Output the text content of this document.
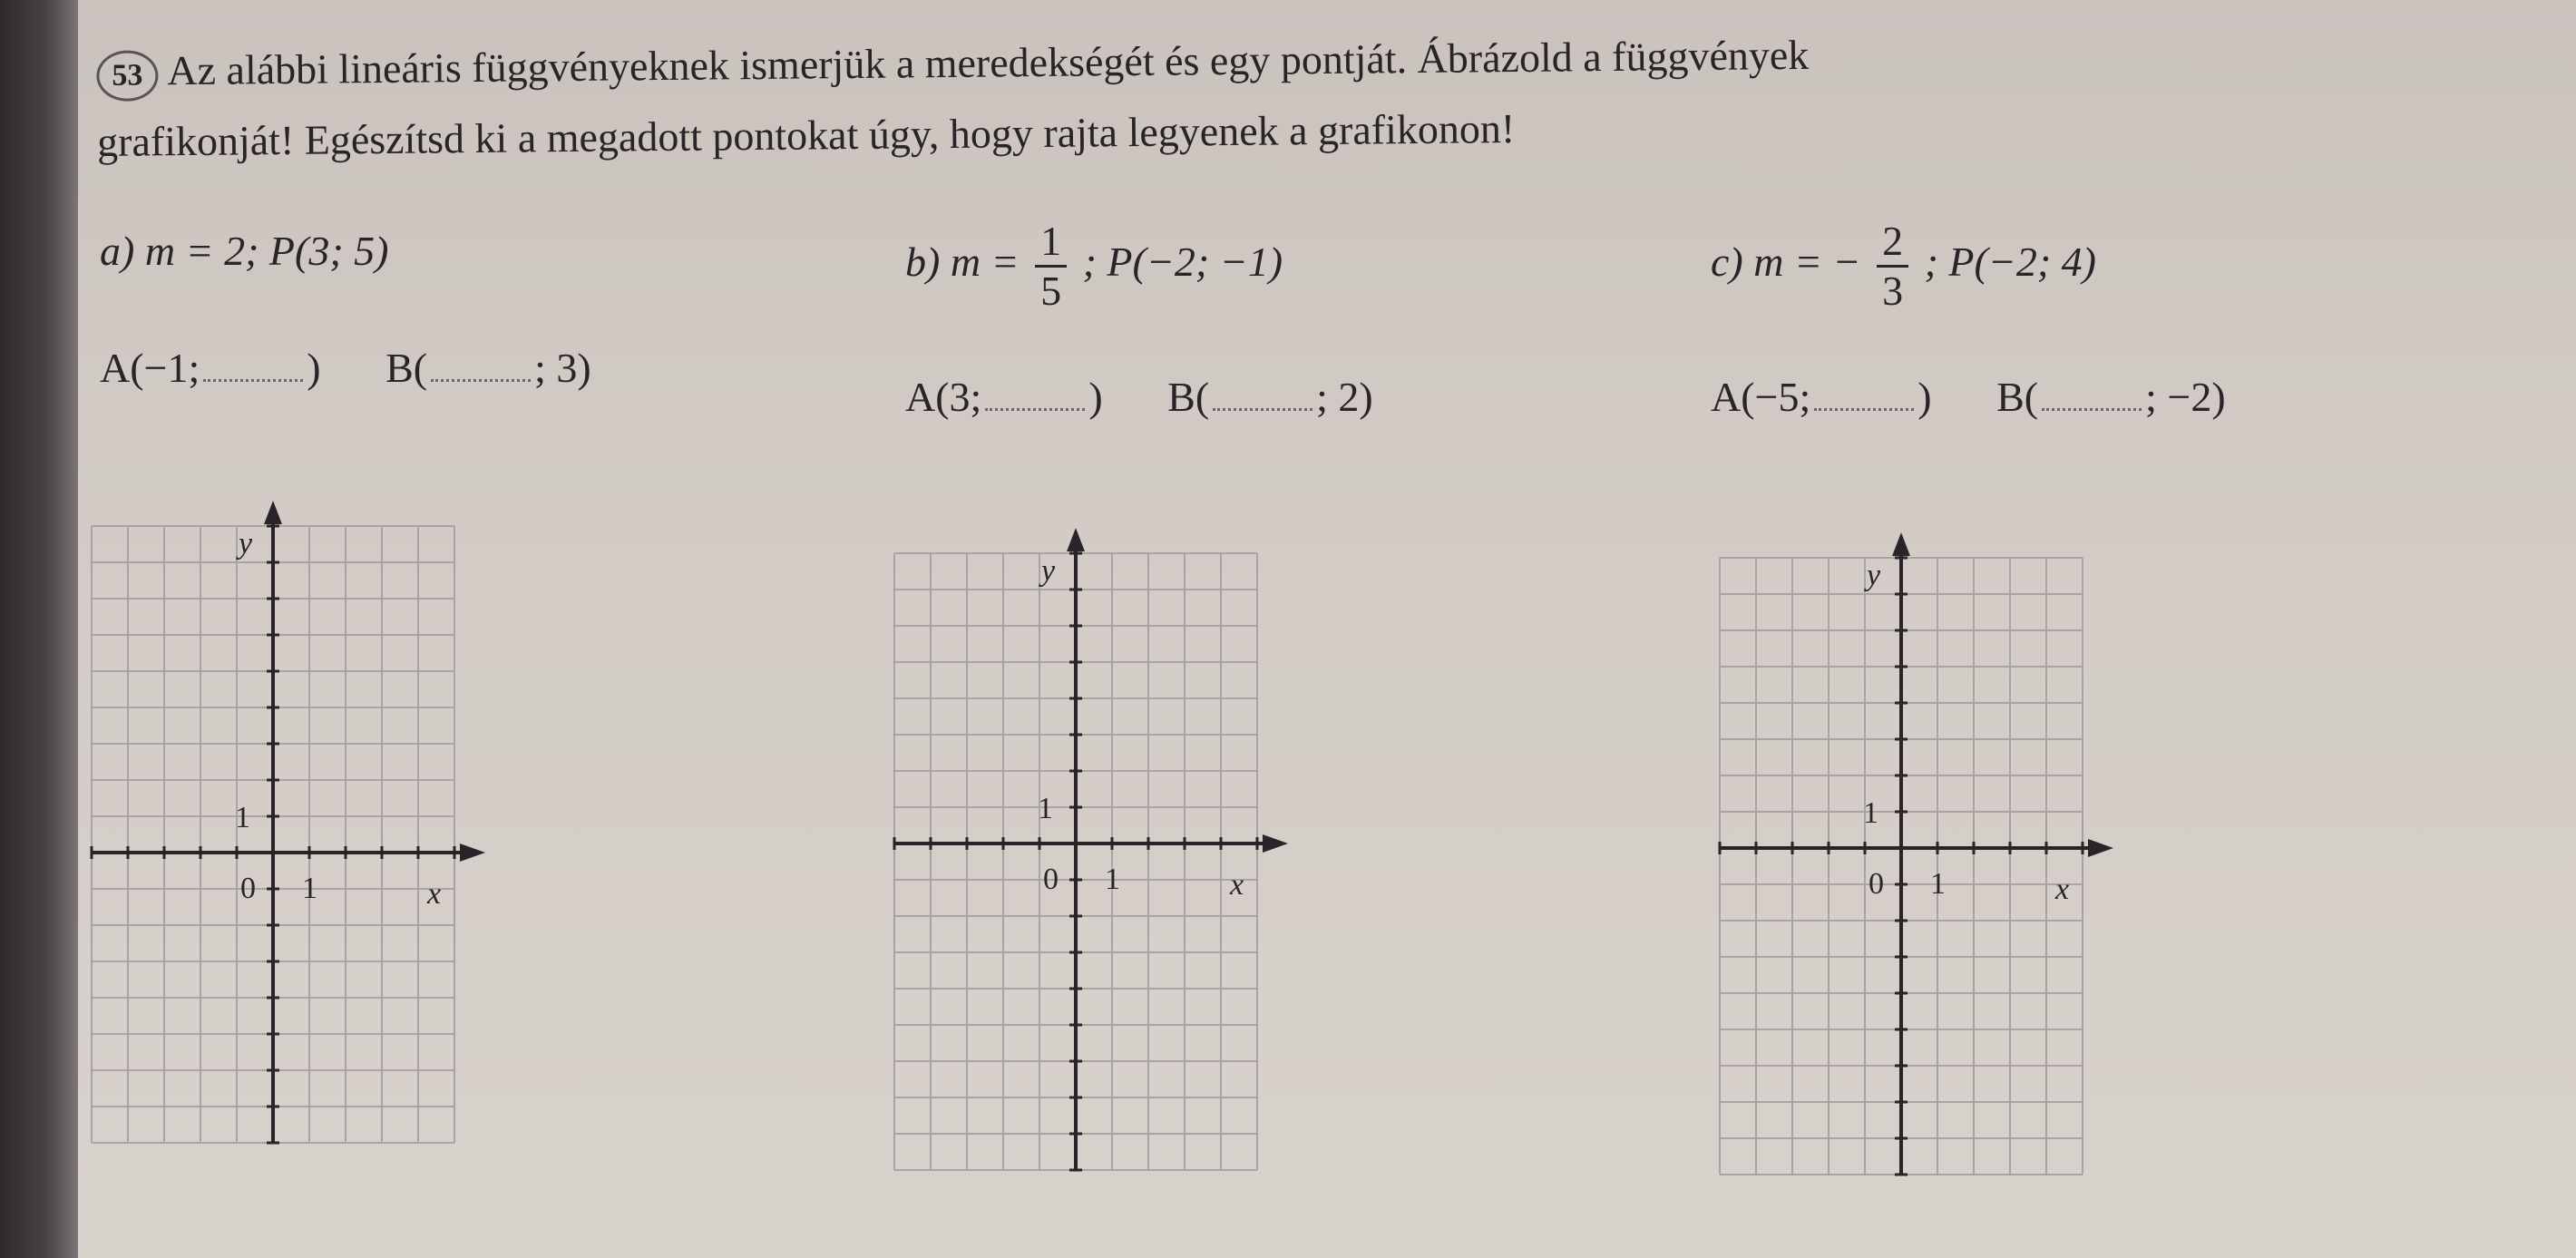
53 Az alábbi lineáris függvényeknek ismerjük a meredekségét és egy pontját. Ábrázold a függvények
grafikonját! Egészítsd ki a megadott pontokat úgy, hogy rajta legyenek a grafikonon!
a) m = 2; P(3; 5)
A(−1;	) B(	; 3)
b) $m = \frac{1}{5}$ ; P(−2; −1)
A(3;	) B(	; 2)
c) m = − $\frac{2}{3}$ ; P(−2; 4)
A(−5;	) B(	; −2)
y
x
0 1
1
y
x
0 1
1
y
x
0 1
1
